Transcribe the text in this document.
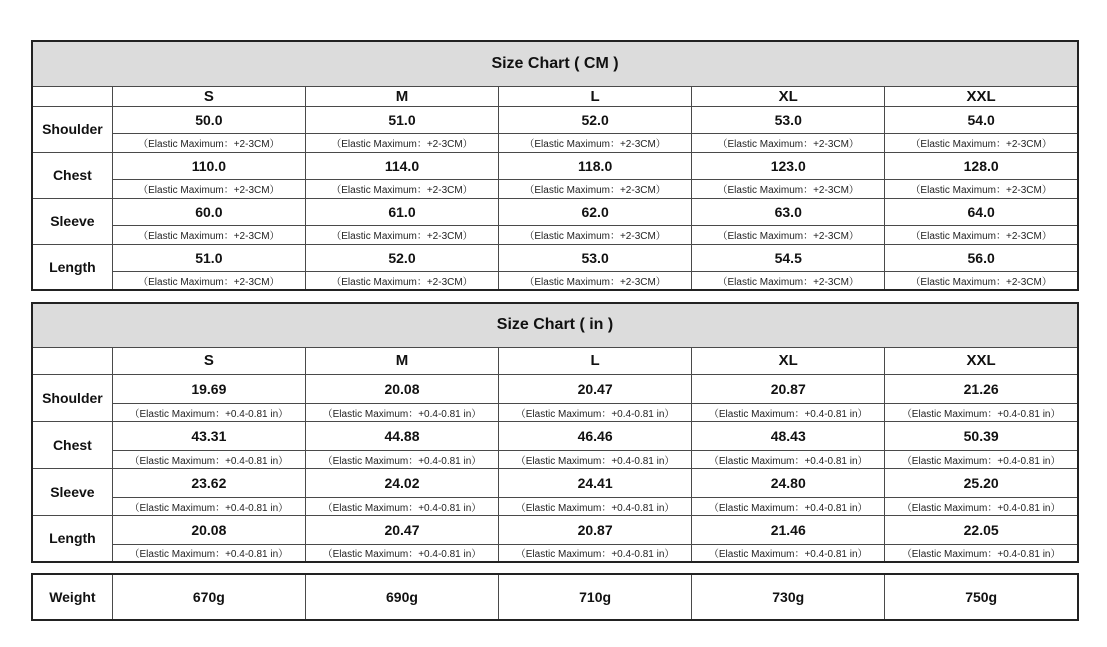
Size Chart ( CM )					
	S	M	L	XL	XXL
Shoulder	50.0	51.0	52.0	53.0	54.0
	（Elastic Maximum：+2-3CM）	（Elastic Maximum：+2-3CM）	（Elastic Maximum：+2-3CM）	（Elastic Maximum：+2-3CM）	（Elastic Maximum：+2-3CM）
Chest	110.0	114.0	118.0	123.0	128.0
	（Elastic Maximum：+2-3CM）	（Elastic Maximum：+2-3CM）	（Elastic Maximum：+2-3CM）	（Elastic Maximum：+2-3CM）	（Elastic Maximum：+2-3CM）
Sleeve	60.0	61.0	62.0	63.0	64.0
	（Elastic Maximum：+2-3CM）	（Elastic Maximum：+2-3CM）	（Elastic Maximum：+2-3CM）	（Elastic Maximum：+2-3CM）	（Elastic Maximum：+2-3CM）
Length	51.0	52.0	53.0	54.5	56.0
	（Elastic Maximum：+2-3CM）	（Elastic Maximum：+2-3CM）	（Elastic Maximum：+2-3CM）	（Elastic Maximum：+2-3CM）	（Elastic Maximum：+2-3CM）
Size Chart ( in )					
	S	M	L	XL	XXL
Shoulder	19.69	20.08	20.47	20.87	21.26
	（Elastic Maximum：+0.4-0.81 in）	（Elastic Maximum：+0.4-0.81 in）	（Elastic Maximum：+0.4-0.81 in）	（Elastic Maximum：+0.4-0.81 in）	（Elastic Maximum：+0.4-0.81 in）
Chest	43.31	44.88	46.46	48.43	50.39
	（Elastic Maximum：+0.4-0.81 in）	（Elastic Maximum：+0.4-0.81 in）	（Elastic Maximum：+0.4-0.81 in）	（Elastic Maximum：+0.4-0.81 in）	（Elastic Maximum：+0.4-0.81 in）
Sleeve	23.62	24.02	24.41	24.80	25.20
	（Elastic Maximum：+0.4-0.81 in）	（Elastic Maximum：+0.4-0.81 in）	（Elastic Maximum：+0.4-0.81 in）	（Elastic Maximum：+0.4-0.81 in）	（Elastic Maximum：+0.4-0.81 in）
Length	20.08	20.47	20.87	21.46	22.05
	（Elastic Maximum：+0.4-0.81 in）	（Elastic Maximum：+0.4-0.81 in）	（Elastic Maximum：+0.4-0.81 in）	（Elastic Maximum：+0.4-0.81 in）	（Elastic Maximum：+0.4-0.81 in）
Weight	670g	690g	710g	730g	750g
